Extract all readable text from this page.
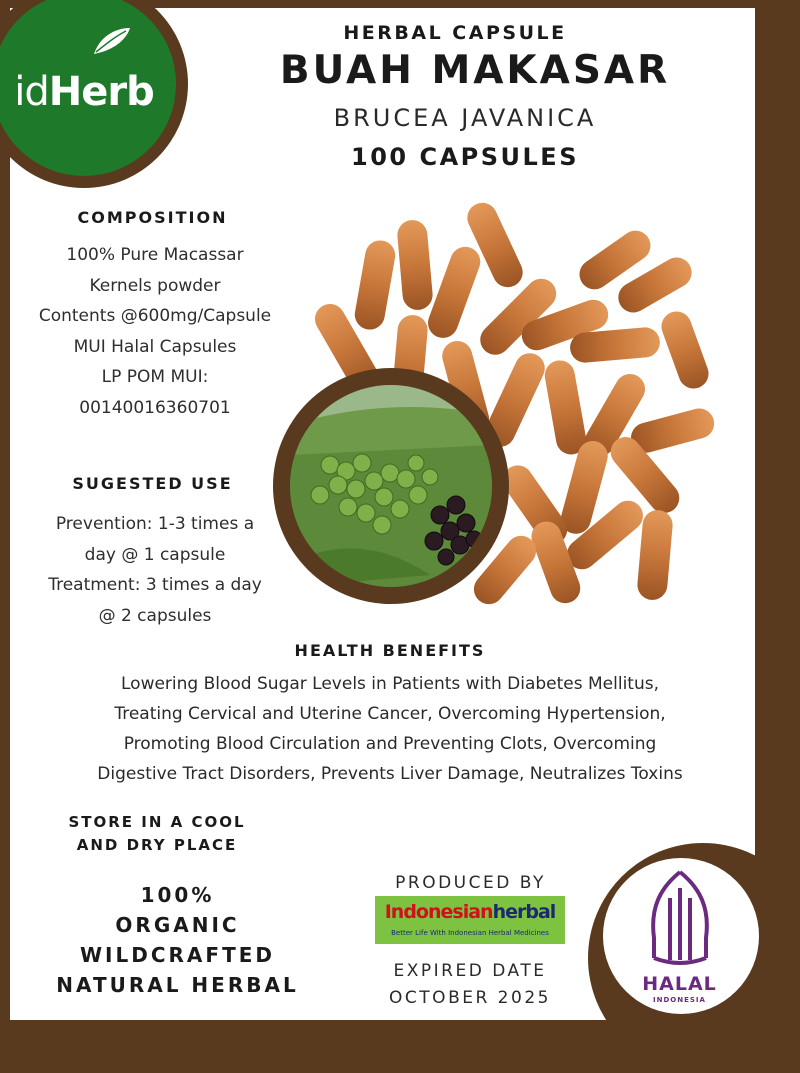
idHerb
HERBAL CAPSULE
BUAH MAKASAR
BRUCEA JAVANICA
100 CAPSULES
COMPOSITION
100% Pure Macassar
Kernels powder
Contents @600mg/Capsule
MUI Halal Capsules
LP POM MUI:
00140016360701
SUGESTED USE
Prevention: 1-3 times a
day @ 1 capsule
Treatment: 3 times a day
@ 2 capsules
HEALTH BENEFITS
Lowering Blood Sugar Levels in Patients with Diabetes Mellitus,
Treating Cervical and Uterine Cancer, Overcoming Hypertension,
Promoting Blood Circulation and Preventing Clots, Overcoming
Digestive Tract Disorders, Prevents Liver Damage, Neutralizes Toxins
STORE IN A COOL
AND DRY PLACE
100%
ORGANIC
WILDCRAFTED
NATURAL HERBAL
PRODUCED BY
Indonesianherbal
Better Life With Indonesian Herbal Medicines
EXPIRED DATE
OCTOBER 2025
HALAL
INDONESIA
